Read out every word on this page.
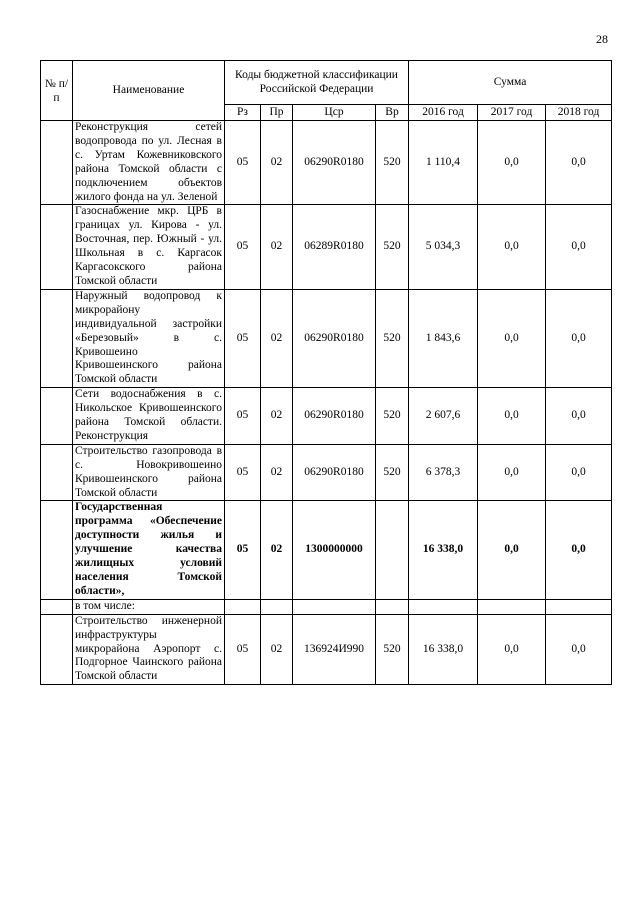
28
№ п/п	Наименование	Коды бюджетной классификации Российской Федерации				Сумма		
		Рз	Пр	Цср	Вр	2016 год	2017 год	2018 год
	Реконструкция сетей водопровода по ул. Лесная в с. Уртам Кожевниковского района Томской области с подключением объектов жилого фонда на ул. Зеленой	05	02	06290R0180	520	1 110,4	0,0	0,0
	Газоснабжение мкр. ЦРБ в границах ул. Кирова - ул. Восточная, пер. Южный - ул. Школьная в с. Каргасок Каргасокского района Томской области	05	02	06289R0180	520	5 034,3	0,0	0,0
	Наружный водопровод к микрорайону индивидуальной застройки «Березовый» в с. Кривошеино Кривошеинского района Томской области	05	02	06290R0180	520	1 843,6	0,0	0,0
	Сети водоснабжения в с. Никольское Кривошеинского района Томской области. Реконструкция	05	02	06290R0180	520	2 607,6	0,0	0,0
	Строительство газопровода в с. Новокривошеино Кривошеинского района Томской области	05	02	06290R0180	520	6 378,3	0,0	0,0
	Государственная программа «Обеспечение доступности жилья и улучшение качества жилищных условий населения Томской области»,	05	02	1300000000		16 338,0	0,0	0,0
	в том числе:							
	Строительство инженерной инфраструктуры микрорайона Аэропорт с. Подгорное Чаинского района Томской области	05	02	136924И990	520	16 338,0	0,0	0,0
